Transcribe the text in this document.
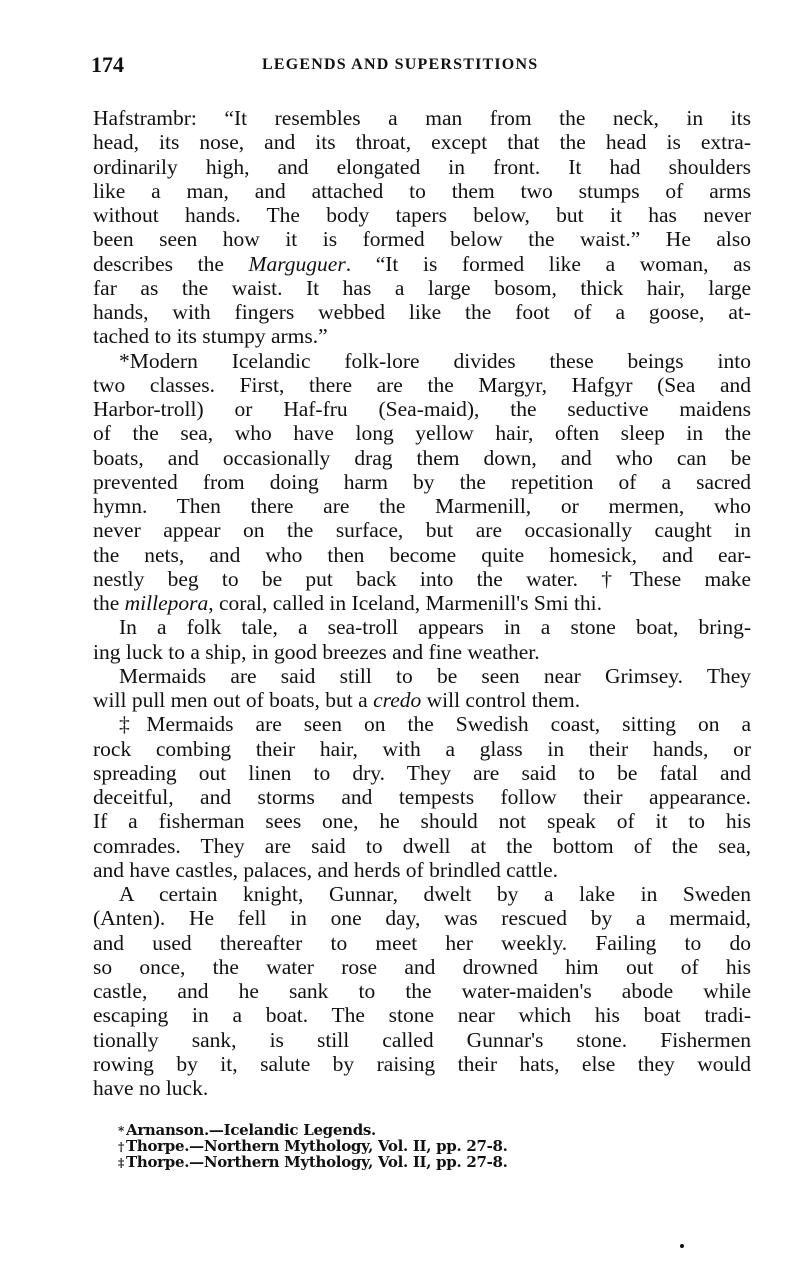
174	LEGENDS AND SUPERSTITIONS
Hafstrambr: “It resembles a man from the neck, in its
head, its nose, and its throat, except that the head is extra-
ordinarily high, and elongated in front. It had shoulders
like a man, and attached to them two stumps of arms
without hands. The body tapers below, but it has never
been seen how it is formed below the waist.” He also
describes the Marguguer. “It is formed like a woman, as
far as the waist. It has a large bosom, thick hair, large
hands, with fingers webbed like the foot of a goose, at-
tached to its stumpy arms.”
*Modern Icelandic folk-lore divides these beings into
two classes. First, there are the Margyr, Hafgyr (Sea and
Harbor-troll) or Haf-fru (Sea-maid), the seductive maidens
of the sea, who have long yellow hair, often sleep in the
boats, and occasionally drag them down, and who can be
prevented from doing harm by the repetition of a sacred
hymn. Then there are the Marmenill, or mermen, who
never appear on the surface, but are occasionally caught in
the nets, and who then become quite homesick, and ear-
nestly beg to be put back into the water. †These make
the millepora, coral, called in Iceland, Marmenill's Smi thi.
In a folk tale, a sea-troll appears in a stone boat, bring-
ing luck to a ship, in good breezes and fine weather.
Mermaids are said still to be seen near Grimsey. They
will pull men out of boats, but a credo will control them.
‡Mermaids are seen on the Swedish coast, sitting on a
rock combing their hair, with a glass in their hands, or
spreading out linen to dry. They are said to be fatal and
deceitful, and storms and tempests follow their appearance.
If a fisherman sees one, he should not speak of it to his
comrades. They are said to dwell at the bottom of the sea,
and have castles, palaces, and herds of brindled cattle.
A certain knight, Gunnar, dwelt by a lake in Sweden
(Anten). He fell in one day, was rescued by a mermaid,
and used thereafter to meet her weekly. Failing to do
so once, the water rose and drowned him out of his
castle, and he sank to the water-maiden's abode while
escaping in a boat. The stone near which his boat tradi-
tionally sank, is still called Gunnar's stone. Fishermen
rowing by it, salute by raising their hats, else they would
have no luck.
* Arnanson.—Icelandic Legends.
† Thorpe.—Northern Mythology, Vol. II, pp. 27-8.
‡ Thorpe.—Northern Mythology, Vol. II, pp. 27-8.
